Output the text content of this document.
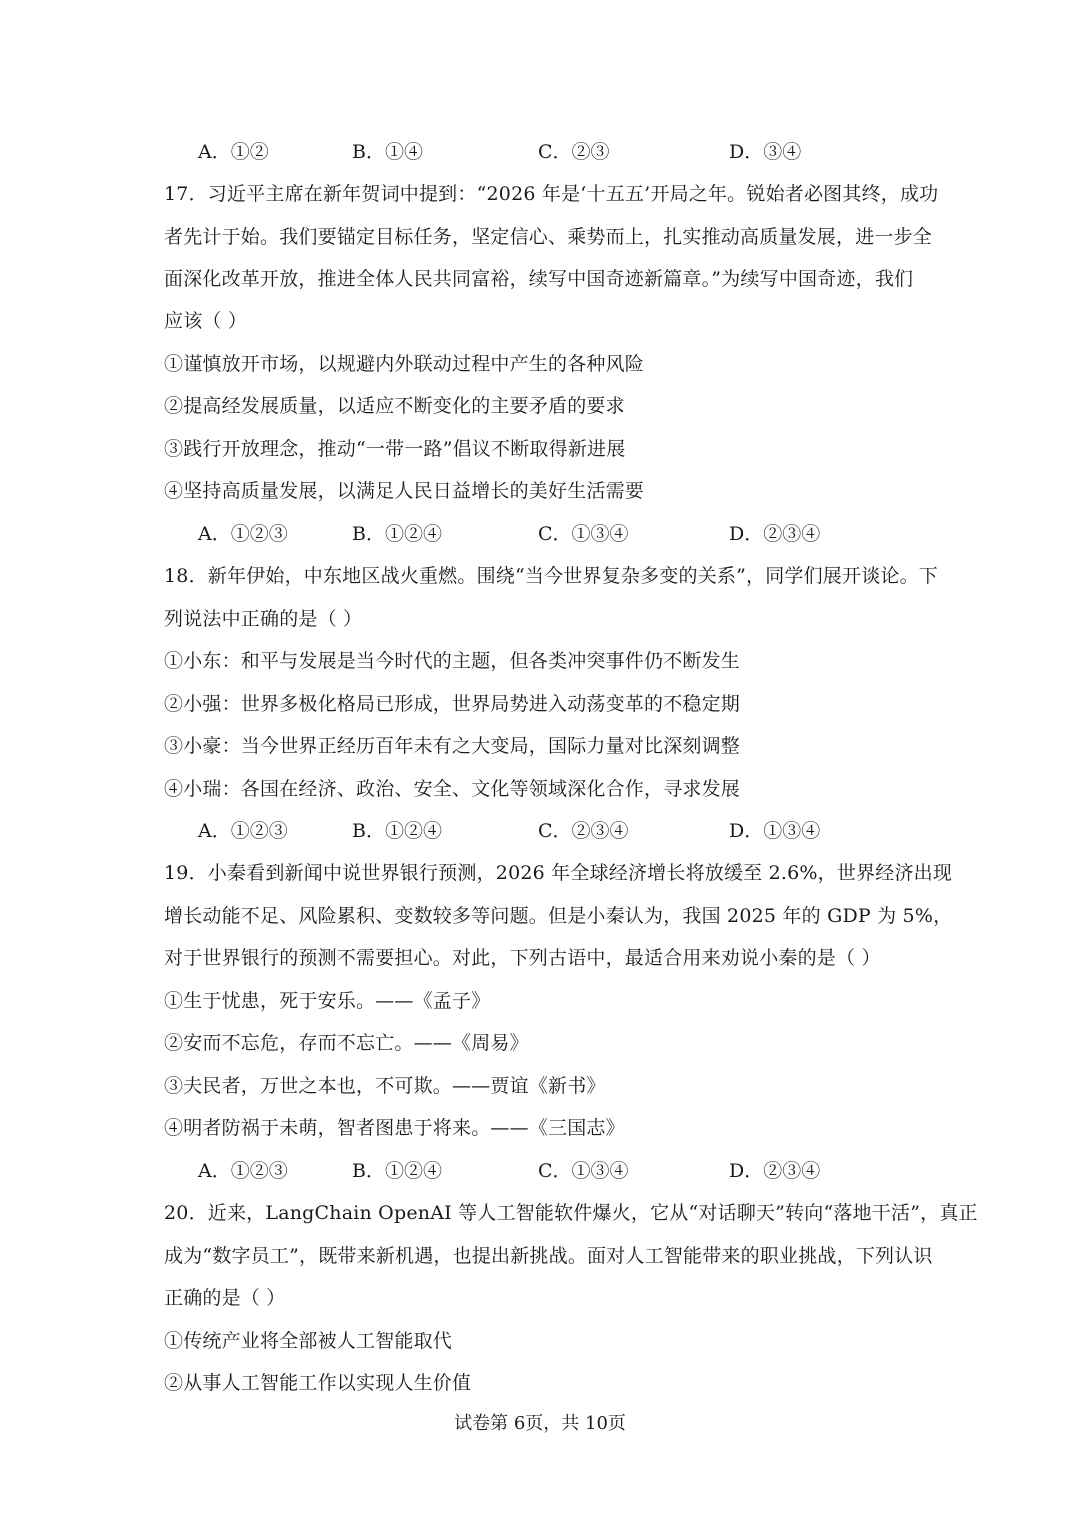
A．①②	B．①④	C．②③	D．③④
17．习近平主席在新年贺词中提到：“2026 年是‘十五五’开局之年。锐始者必图其终，成功
者先计于始。我们要锚定目标任务，坚定信心、乘势而上，扎实推动高质量发展，进一步全
面深化改革开放，推进全体人民共同富裕，续写中国奇迹新篇章。”为续写中国奇迹，我们
应该（ ）
①谨慎放开市场，以规避内外联动过程中产生的各种风险
②提高经发展质量，以适应不断变化的主要矛盾的要求
③践行开放理念，推动“一带一路”倡议不断取得新进展
④坚持高质量发展，以满足人民日益增长的美好生活需要
A．①②③	B．①②④	C．①③④	D．②③④
18．新年伊始，中东地区战火重燃。围绕“当今世界复杂多变的关系”，同学们展开谈论。下
列说法中正确的是（ ）
①小东：和平与发展是当今时代的主题，但各类冲突事件仍不断发生
②小强：世界多极化格局已形成，世界局势进入动荡变革的不稳定期
③小豪：当今世界正经历百年未有之大变局，国际力量对比深刻调整
④小瑞：各国在经济、政治、安全、文化等领域深化合作，寻求发展
A．①②③	B．①②④	C．②③④	D．①③④
19．小秦看到新闻中说世界银行预测，2026 年全球经济增长将放缓至 2.6%，世界经济出现
增长动能不足、风险累积、变数较多等问题。但是小秦认为，我国 2025 年的 GDP 为 5%，
对于世界银行的预测不需要担心。对此，下列古语中，最适合用来劝说小秦的是（ ）
①生于忧患，死于安乐。——《孟子》
②安而不忘危，存而不忘亡。——《周易》
③夫民者，万世之本也，不可欺。——贾谊《新书》
④明者防祸于未萌，智者图患于将来。——《三国志》
A．①②③	B．①②④	C．①③④	D．②③④
20．近来，LangChain OpenAI 等人工智能软件爆火，它从“对话聊天”转向“落地干活”，真正
成为“数字员工”，既带来新机遇，也提出新挑战。面对人工智能带来的职业挑战，下列认识
正确的是（ ）
①传统产业将全部被人工智能取代
②从事人工智能工作以实现人生价值
试卷第 6页，共 10页
